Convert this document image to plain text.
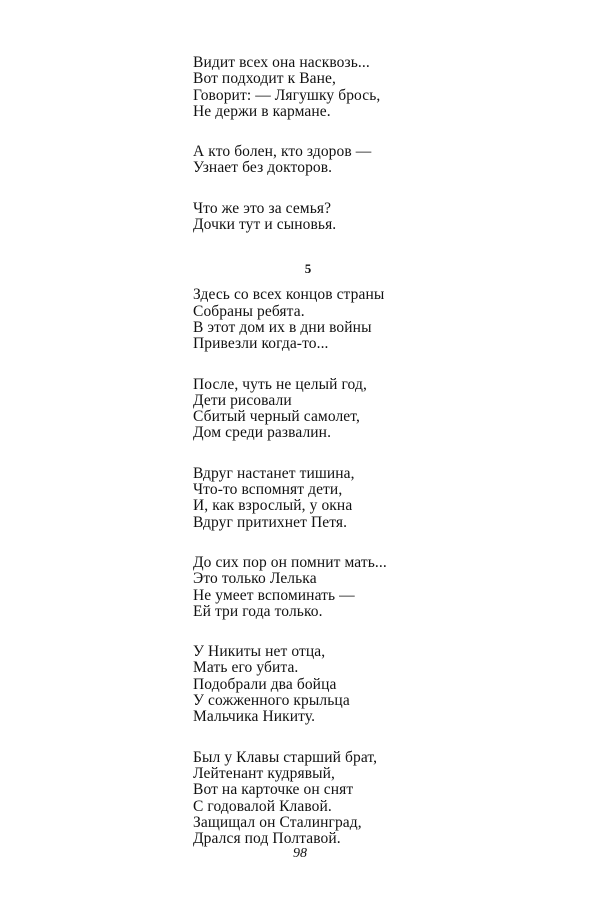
Видит всех она насквозь...
Вот подходит к Ване,
Говорит: — Лягушку брось,
Не держи в кармане.
А кто болен, кто здоров —
Узнает без докторов.
Что же это за семья?
Дочки тут и сыновья.
5
Здесь со всех концов страны
Собраны ребята.
В этот дом их в дни войны
Привезли когда-то...
После, чуть не целый год,
Дети рисовали
Сбитый черный самолет,
Дом среди развалин.
Вдруг настанет тишина,
Что-то вспомнят дети,
И, как взрослый, у окна
Вдруг притихнет Петя.
До сих пор он помнит мать...
Это только Лелька
Не умеет вспоминать —
Ей три года только.
У Никиты нет отца,
Мать его убита.
Подобрали два бойца
У сожженного крыльца
Мальчика Никиту.
Был у Клавы старший брат,
Лейтенант кудрявый,
Вот на карточке он снят
С годовалой Клавой.
Защищал он Сталинград,
Дрался под Полтавой.
98
